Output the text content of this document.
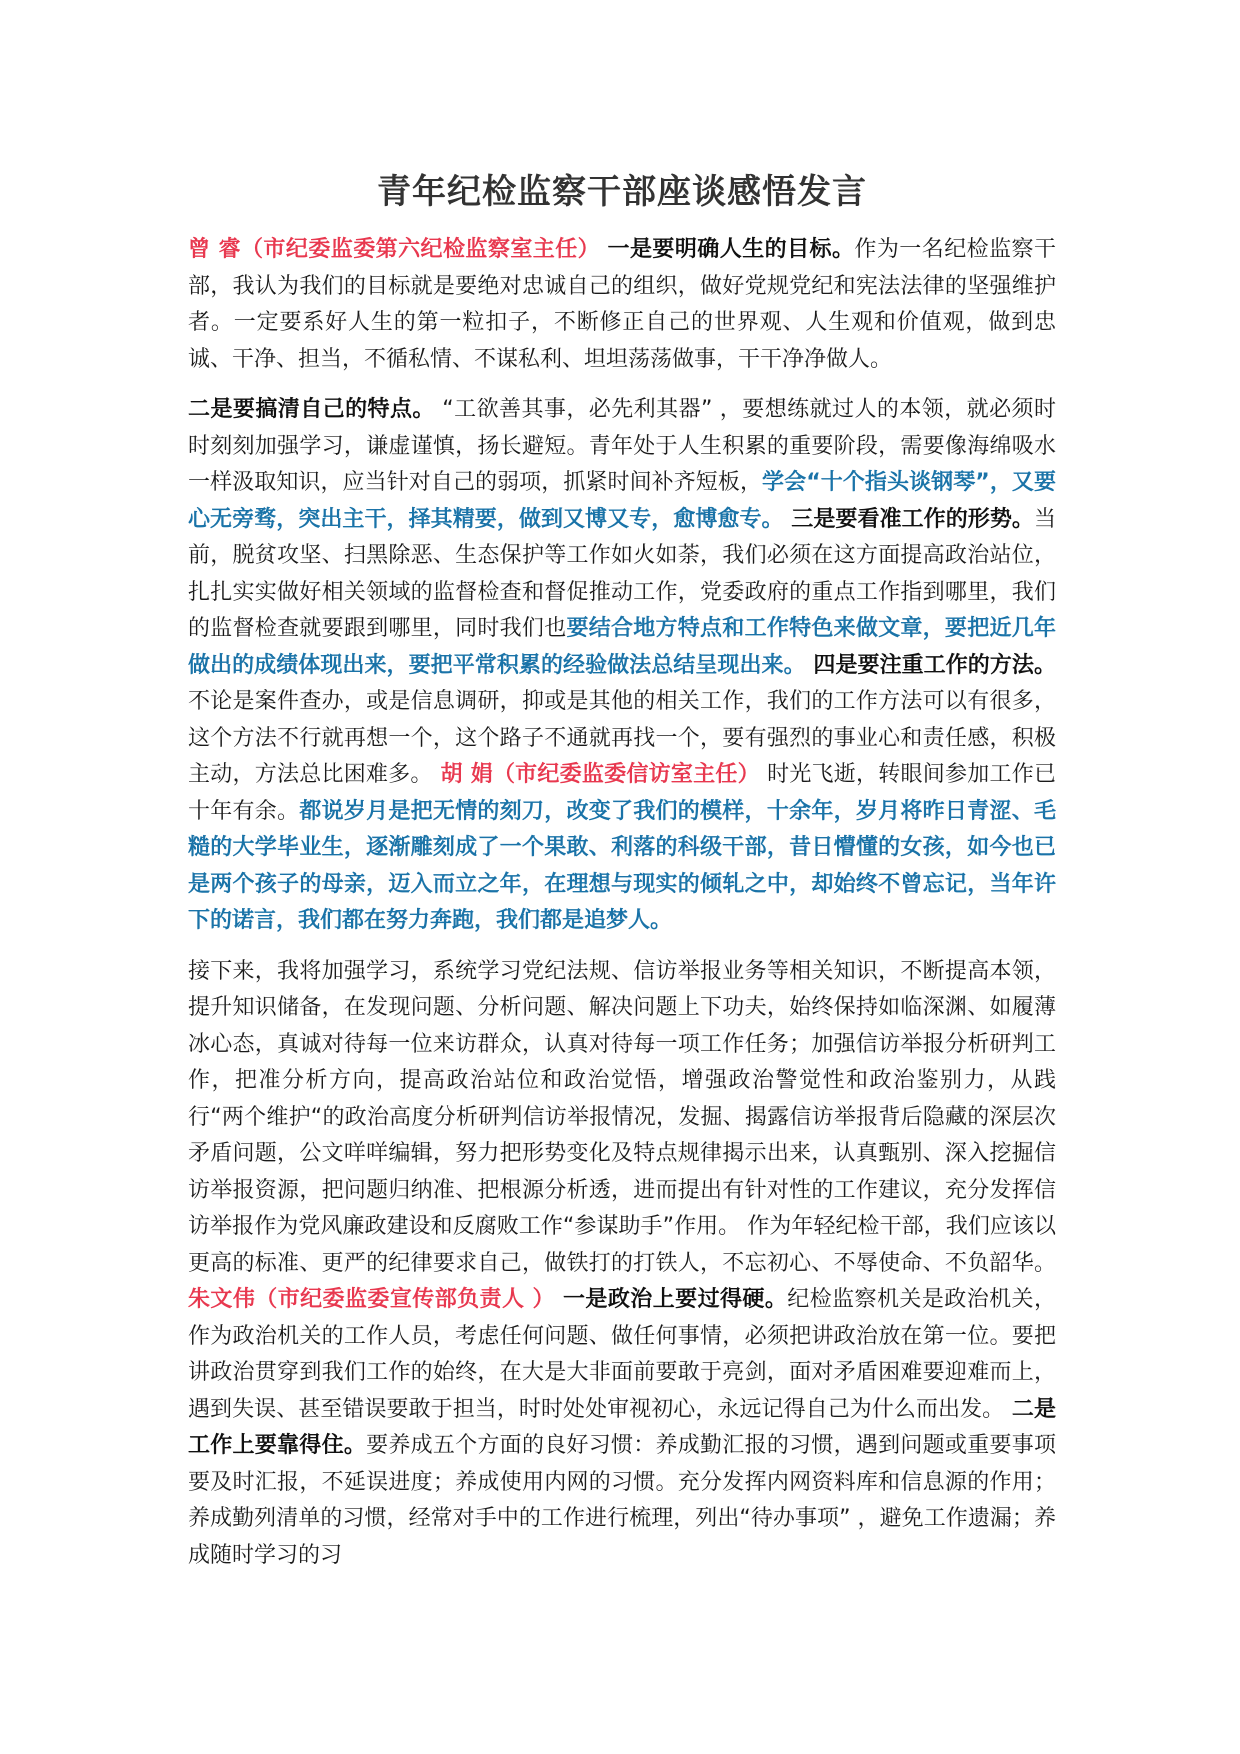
青年纪检监察干部座谈感悟发言

曾 睿（市纪委监委第六纪检监察室主任） 一是要明确人生的目标。作为一名纪检监察干部，我认为我们的目标就是要绝对忠诚自己的组织，做好党规党纪和宪法法律的坚强维护者。一定要系好人生的第一粒扣子，不断修正自己的世界观、人生观和价值观，做到忠诚、干净、担当，不循私情、不谋私利、坦坦荡荡做事，干干净净做人。

二是要搞清自己的特点。 “工欲善其事，必先利其器” ，要想练就过人的本领，就必须时时刻刻加强学习，谦虚谨慎，扬长避短。青年处于人生积累的重要阶段，需要像海绵吸水一样汲取知识，应当针对自己的弱项，抓紧时间补齐短板，学会“十个指头谈钢琴”，又要心无旁骛，突出主干，择其精要，做到又博又专，愈博愈专。 三是要看准工作的形势。当前，脱贫攻坚、扫黑除恶、生态保护等工作如火如荼，我们必须在这方面提高政治站位，扎扎实实做好相关领域的监督检查和督促推动工作，党委政府的重点工作指到哪里，我们的监督检查就要跟到哪里，同时我们也要结合地方特点和工作特色来做文章，要把近几年做出的成绩体现出来，要把平常积累的经验做法总结呈现出来。 四是要注重工作的方法。不论是案件查办，或是信息调研，抑或是其他的相关工作，我们的工作方法可以有很多，这个方法不行就再想一个，这个路子不通就再找一个，要有强烈的事业心和责任感，积极主动，方法总比困难多。 胡 娟（市纪委监委信访室主任） 时光飞逝，转眼间参加工作已十年有余。都说岁月是把无情的刻刀，改变了我们的模样，十余年，岁月将昨日青涩、毛糙的大学毕业生，逐渐雕刻成了一个果敢、利落的科级干部，昔日懵懂的女孩，如今也已是两个孩子的母亲，迈入而立之年，在理想与现实的倾轧之中，却始终不曾忘记，当年许下的诺言，我们都在努力奔跑，我们都是追梦人。

接下来，我将加强学习，系统学习党纪法规、信访举报业务等相关知识，不断提高本领，提升知识储备，在发现问题、分析问题、解决问题上下功夫，始终保持如临深渊、如履薄冰心态，真诚对待每一位来访群众，认真对待每一项工作任务；加强信访举报分析研判工作，把准分析方向，提高政治站位和政治觉悟，增强政治警觉性和政治鉴别力，从践行“两个维护“的政治高度分析研判信访举报情况，发掘、揭露信访举报背后隐藏的深层次矛盾问题，公文咩咩编辑，努力把形势变化及特点规律揭示出来，认真甄别、深入挖掘信访举报资源，把问题归纳准、把根源分析透，进而提出有针对性的工作建议，充分发挥信访举报作为党风廉政建设和反腐败工作“参谋助手”作用。 作为年轻纪检干部，我们应该以更高的标准、更严的纪律要求自己，做铁打的打铁人，不忘初心、不辱使命、不负韶华。 朱文伟（市纪委监委宣传部负责人 ） 一是政治上要过得硬。纪检监察机关是政治机关，作为政治机关的工作人员，考虑任何问题、做任何事情，必须把讲政治放在第一位。要把讲政治贯穿到我们工作的始终，在大是大非面前要敢于亮剑，面对矛盾困难要迎难而上，遇到失误、甚至错误要敢于担当，时时处处审视初心，永远记得自己为什么而出发。 二是工作上要靠得住。要养成五个方面的良好习惯：养成勤汇报的习惯，遇到问题或重要事项要及时汇报，不延误进度；养成使用内网的习惯。充分发挥内网资料库和信息源的作用；养成勤列清单的习惯，经常对手中的工作进行梳理，列出“待办事项” ，避免工作遗漏；养成随时学习的习
